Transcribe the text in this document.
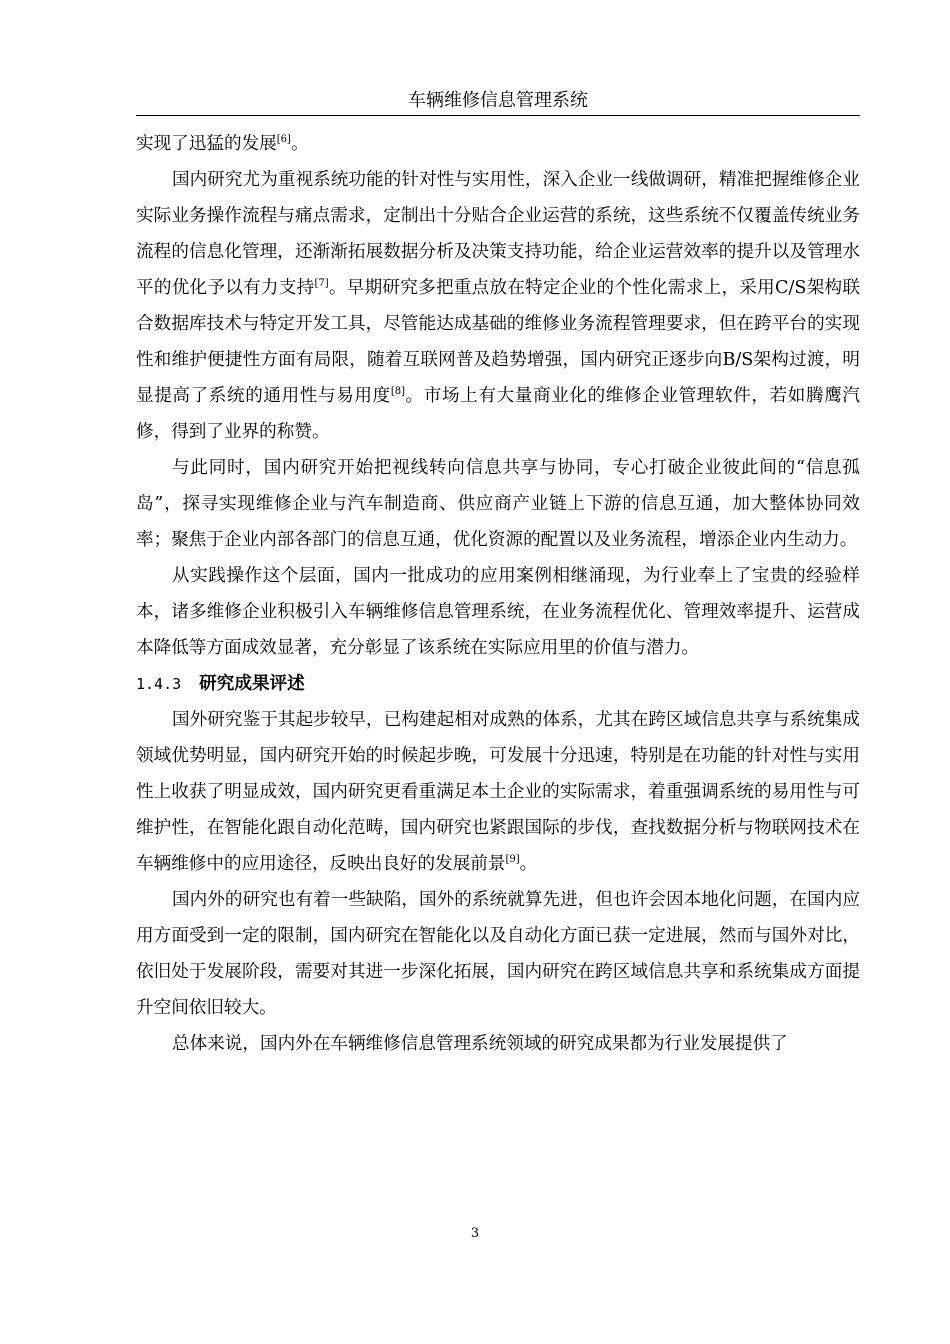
车辆维修信息管理系统

实现了迅猛的发展[6]。

国内研究尤为重视系统功能的针对性与实用性，深入企业一线做调研，精准把握维修企业实际业务操作流程与痛点需求，定制出十分贴合企业运营的系统，这些系统不仅覆盖传统业务流程的信息化管理，还渐渐拓展数据分析及决策支持功能，给企业运营效率的提升以及管理水平的优化予以有力支持[7]。早期研究多把重点放在特定企业的个性化需求上，采用C/S架构联合数据库技术与特定开发工具，尽管能达成基础的维修业务流程管理要求，但在跨平台的实现性和维护便捷性方面有局限，随着互联网普及趋势增强，国内研究正逐步向B/S架构过渡，明显提高了系统的通用性与易用度[8]。市场上有大量商业化的维修企业管理软件，若如腾鹰汽修，得到了业界的称赞。

与此同时，国内研究开始把视线转向信息共享与协同，专心打破企业彼此间的“信息孤岛”，探寻实现维修企业与汽车制造商、供应商产业链上下游的信息互通，加大整体协同效率；聚焦于企业内部各部门的信息互通，优化资源的配置以及业务流程，增添企业内生动力。

从实践操作这个层面，国内一批成功的应用案例相继涌现，为行业奉上了宝贵的经验样本，诸多维修企业积极引入车辆维修信息管理系统，在业务流程优化、管理效率提升、运营成本降低等方面成效显著，充分彰显了该系统在实际应用里的价值与潜力。

1.4.3 研究成果评述

国外研究鉴于其起步较早，已构建起相对成熟的体系，尤其在跨区域信息共享与系统集成领域优势明显，国内研究开始的时候起步晚，可发展十分迅速，特别是在功能的针对性与实用性上收获了明显成效，国内研究更看重满足本土企业的实际需求，着重强调系统的易用性与可维护性，在智能化跟自动化范畴，国内研究也紧跟国际的步伐，查找数据分析与物联网技术在车辆维修中的应用途径，反映出良好的发展前景[9]。

国内外的研究也有着一些缺陷，国外的系统就算先进，但也许会因本地化问题，在国内应用方面受到一定的限制，国内研究在智能化以及自动化方面已获一定进展，然而与国外对比，依旧处于发展阶段，需要对其进一步深化拓展，国内研究在跨区域信息共享和系统集成方面提升空间依旧较大。

总体来说，国内外在车辆维修信息管理系统领域的研究成果都为行业发展提供了

3
